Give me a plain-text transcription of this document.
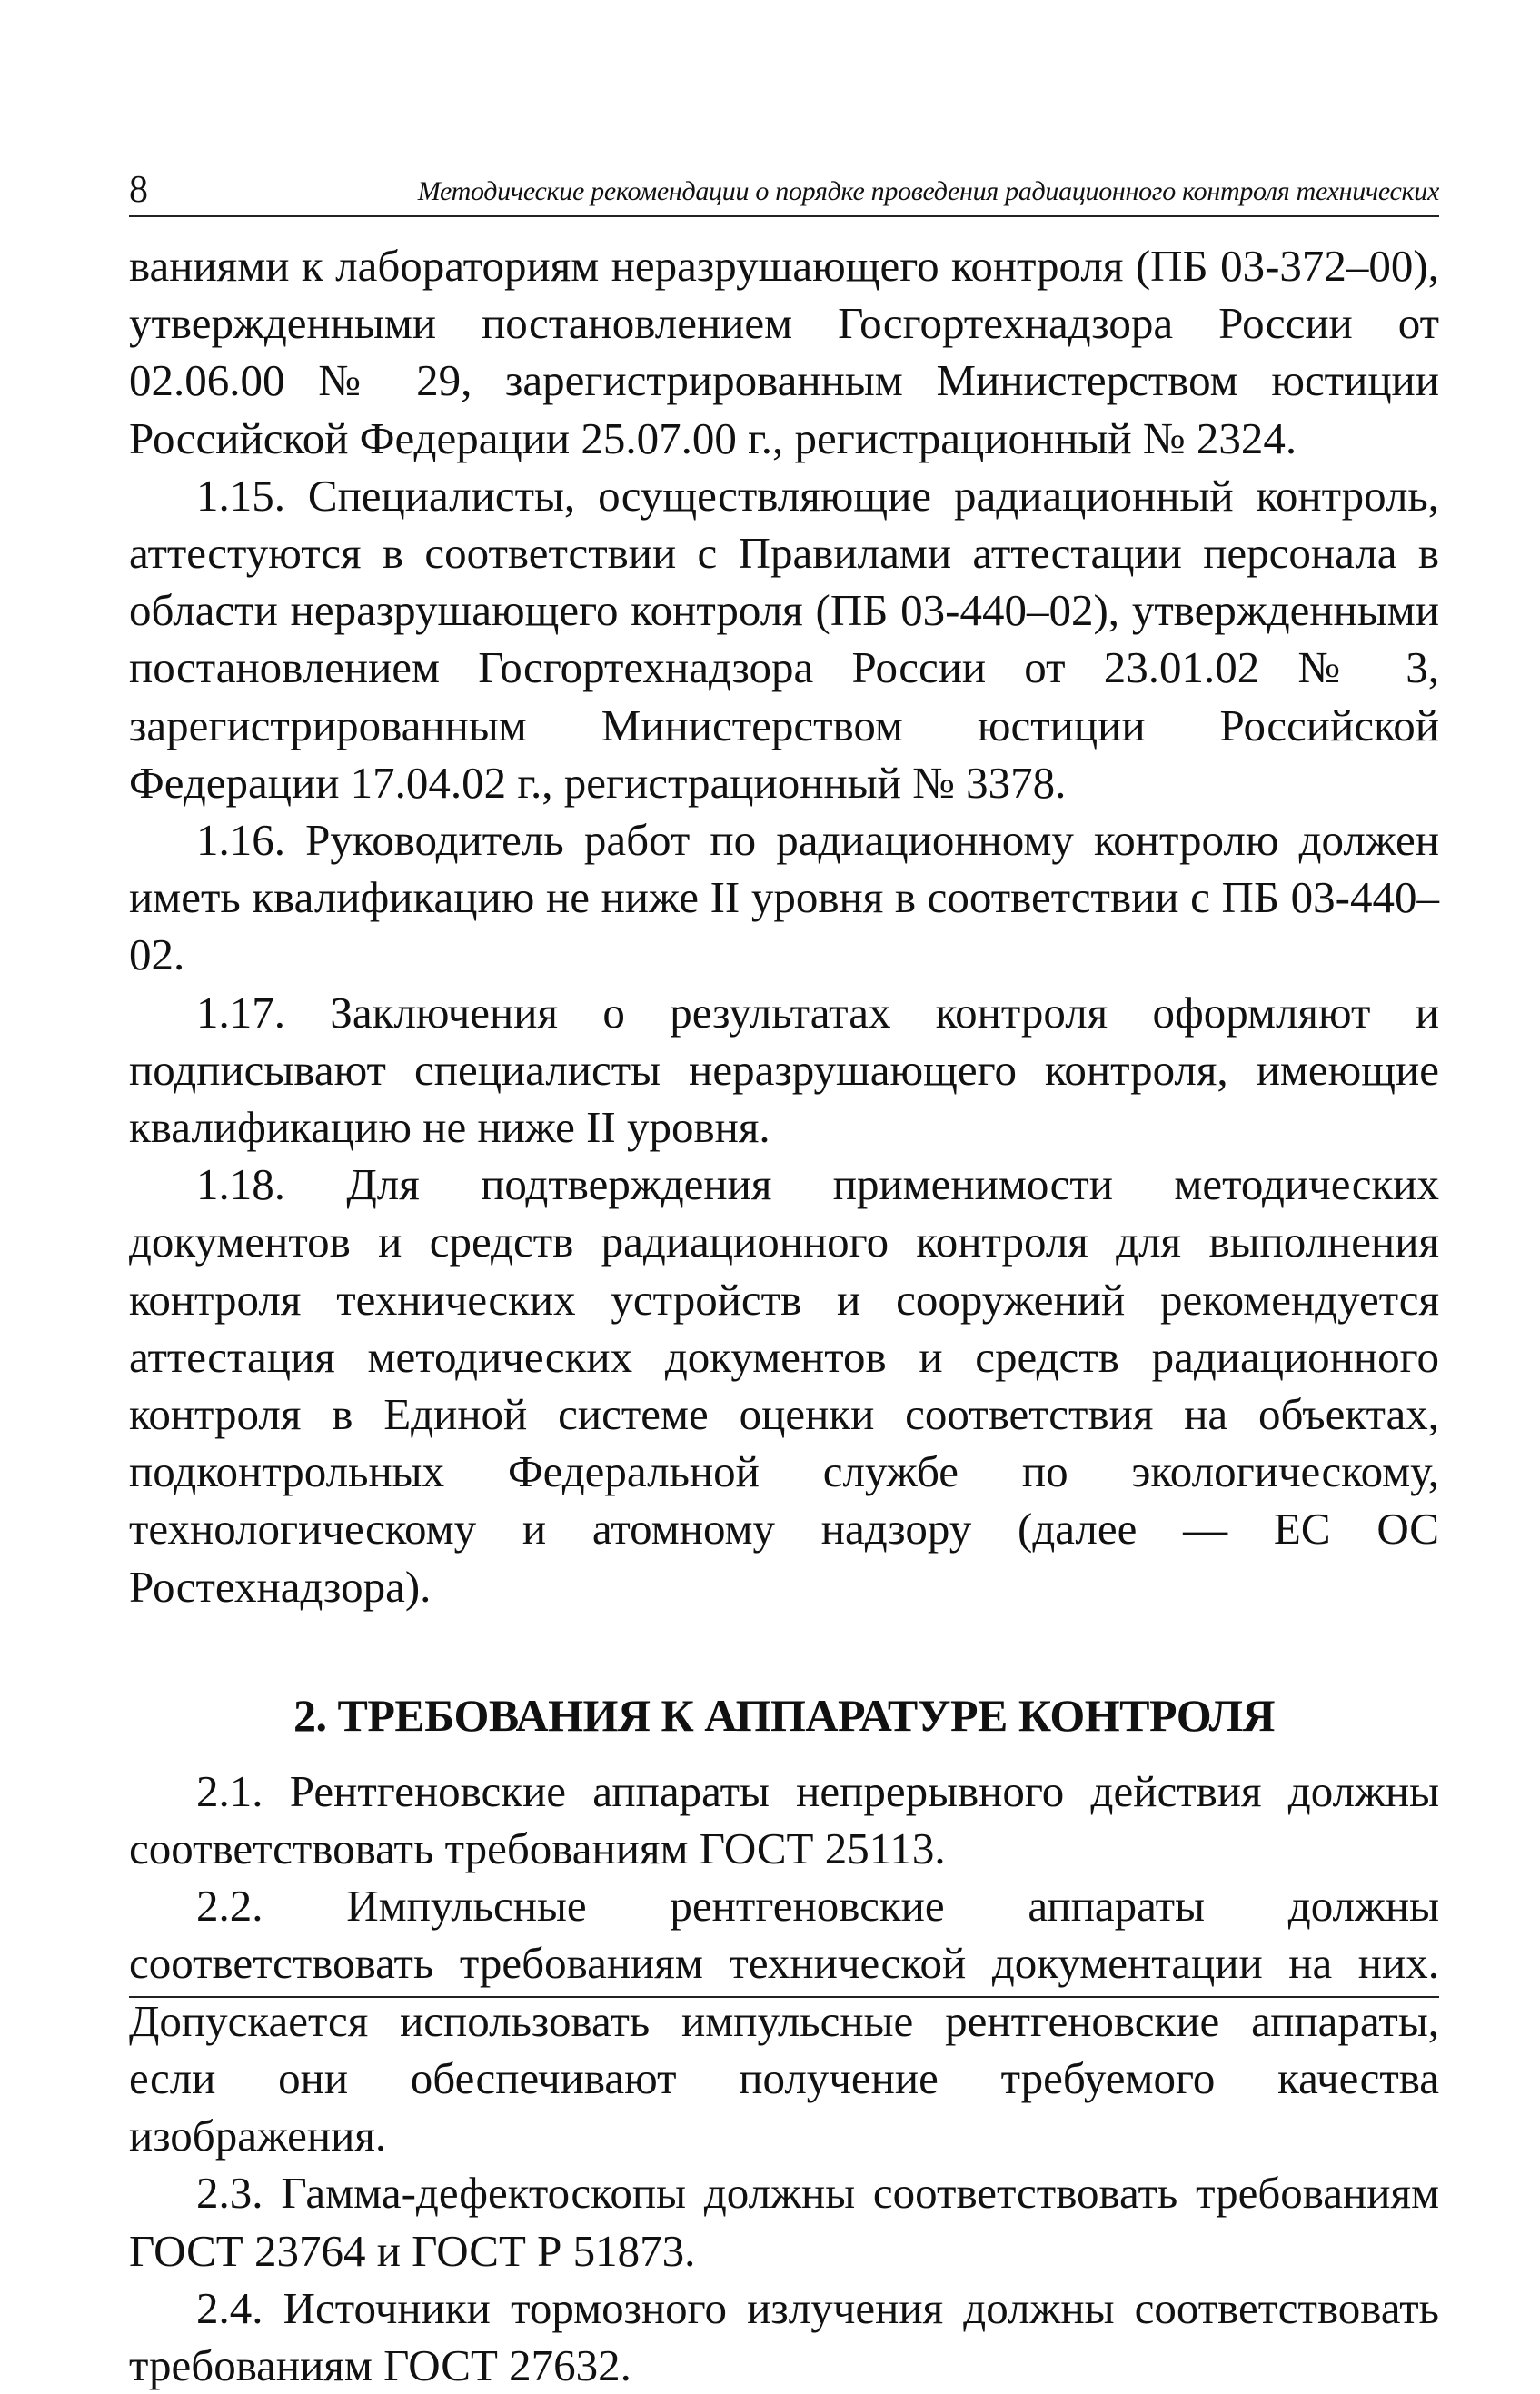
8	Методические рекомендации о порядке проведения радиационного контроля технических

ваниями к лабораториям неразрушающего контроля (ПБ 03-372–00), утвержденными постановлением Госгортехнадзора России от 02.06.00 № 29, зарегистрированным Министерством юстиции Российской Федерации 25.07.00 г., регистрационный № 2324.

1.15. Специалисты, осуществляющие радиационный контроль, аттестуются в соответствии с Правилами аттестации персонала в области неразрушающего контроля (ПБ 03-440–02), утвержденными постановлением Госгортехнадзора России от 23.01.02 № 3, зарегистрированным Министерством юстиции Российской Федерации 17.04.02 г., регистрационный № 3378.

1.16. Руководитель работ по радиационному контролю должен иметь квалификацию не ниже II уровня в соответствии с ПБ 03-440–02.

1.17. Заключения о результатах контроля оформляют и подписывают специалисты неразрушающего контроля, имеющие квалификацию не ниже II уровня.

1.18. Для подтверждения применимости методических документов и средств радиационного контроля для выполнения контроля технических устройств и сооружений рекомендуется аттестация методических документов и средств радиационного контроля в Единой системе оценки соответствия на объектах, подконтрольных Федеральной службе по экологическому, технологическому и атомному надзору (далее — ЕС ОС Ростехнадзора).

2. ТРЕБОВАНИЯ К АППАРАТУРЕ КОНТРОЛЯ

2.1. Рентгеновские аппараты непрерывного действия должны соответствовать требованиям ГОСТ 25113.

2.2. Импульсные рентгеновские аппараты должны соответствовать требованиям технической документации на них. Допускается использовать импульсные рентгеновские аппараты, если они обеспечивают получение требуемого качества изображения.

2.3. Гамма-дефектоскопы должны соответствовать требованиям ГОСТ 23764 и ГОСТ Р 51873.

2.4. Источники тормозного излучения должны соответствовать требованиям ГОСТ 27632.
